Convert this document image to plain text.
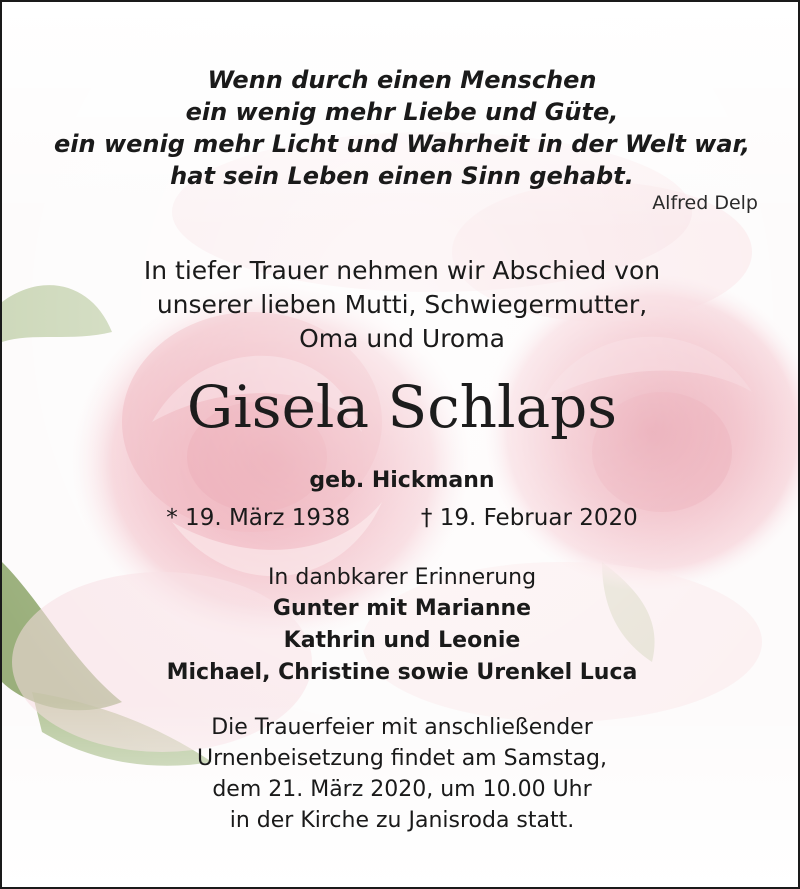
Wenn durch einen Menschen
ein wenig mehr Liebe und Güte,
ein wenig mehr Licht und Wahrheit in der Welt war,
hat sein Leben einen Sinn gehabt.
Alfred Delp
In tiefer Trauer nehmen wir Abschied von
unserer lieben Mutti, Schwiegermutter,
Oma und Uroma
Gisela Schlaps
geb. Hickmann
* 19. März 1938	† 19. Februar 2020
In danbkarer Erinnerung
Gunter mit Marianne
Kathrin und Leonie
Michael, Christine sowie Urenkel Luca
Die Trauerfeier mit anschließender
Urnenbeisetzung findet am Samstag,
dem 21. März 2020, um 10.00 Uhr
in der Kirche zu Janisroda statt.
